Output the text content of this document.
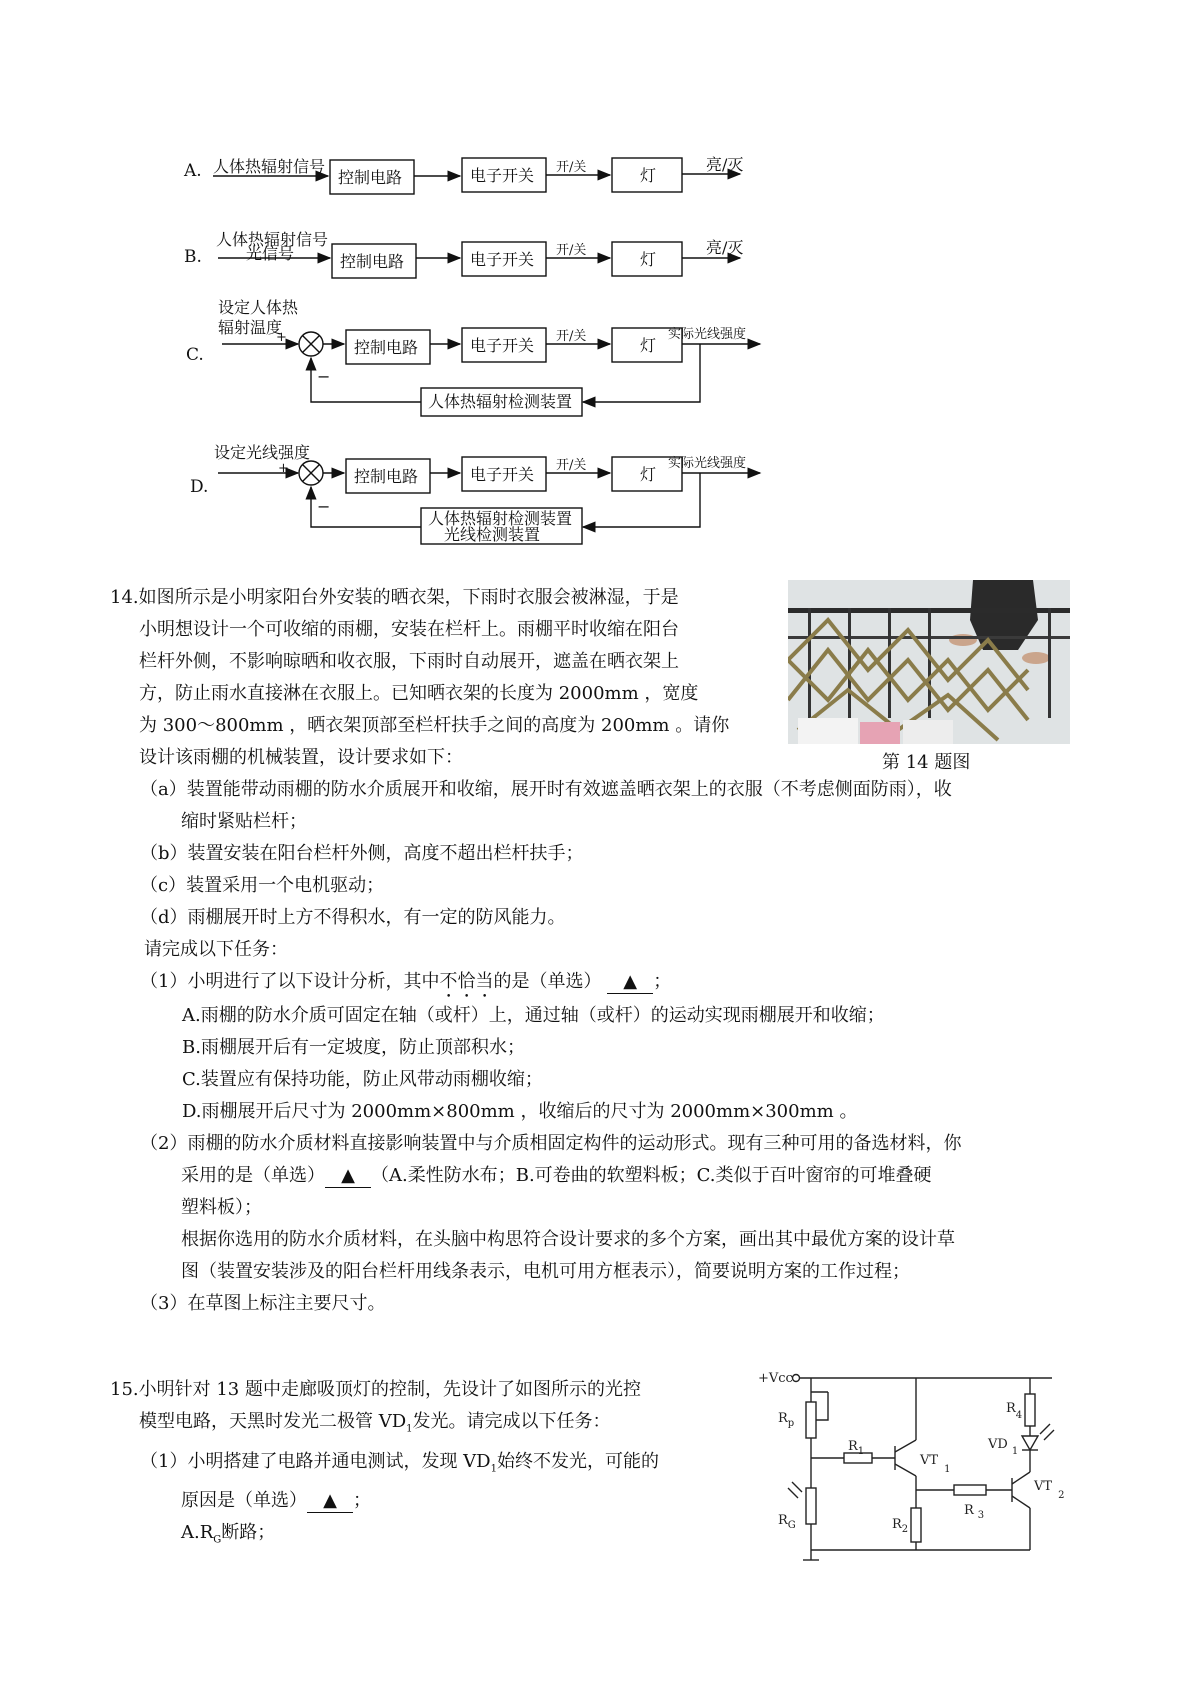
A. 人体热辐射信号
控制电路	电子开关 开/关	灯
亮/灭
B.
人体热辐射信号
光信号	控制电路	电子开关 开/关	灯
亮/灭
C.
设定人体热
辐射温度
+
−
控制电路	电子开关 开/关	灯
实际光线强度
人体热辐射检测装置
D.
设定光线强度
+
−
控制电路	电子开关 开/关	灯
实际光线强度
人体热辐射检测装置
光线检测装置
14.如图所示是小明家阳台外安装的晒衣架，下雨时衣服会被淋湿，于是
小明想设计一个可收缩的雨棚，安装在栏杆上。雨棚平时收缩在阳台
栏杆外侧，不影响晾晒和收衣服，下雨时自动展开，遮盖在晒衣架上
方，防止雨水直接淋在衣服上。已知晒衣架的长度为 2000mm ，宽度
为 300～800mm ，晒衣架顶部至栏杆扶手之间的高度为 200mm 。请你
设计该雨棚的机械装置，设计要求如下：	第 14 题图
（a）装置能带动雨棚的防水介质展开和收缩，展开时有效遮盖晒衣架上的衣服（不考虑侧面防雨），收
缩时紧贴栏杆；
（b）装置安装在阳台栏杆外侧，高度不超出栏杆扶手；
（c）装置采用一个电机驱动；
（d）雨棚展开时上方不得积水，有一定的防风能力。
请完成以下任务：
（1）小明进行了以下设计分析，其中不恰当的是（单选） ▲ ；
A.雨棚的防水介质可固定在轴（或杆）上，通过轴（或杆）的运动实现雨棚展开和收缩；
B.雨棚展开后有一定坡度，防止顶部积水；
C.装置应有保持功能，防止风带动雨棚收缩；
D.雨棚展开后尺寸为 2000mm×800mm ，收缩后的尺寸为 2000mm×300mm 。
（2）雨棚的防水介质材料直接影响装置中与介质相固定构件的运动形式。现有三种可用的备选材料，你
采用的是（单选） ▲ （A.柔性防水布；B.可卷曲的软塑料板；C.类似于百叶窗帘的可堆叠硬
塑料板）；
根据你选用的防水介质材料，在头脑中构思符合设计要求的多个方案，画出其中最优方案的设计草
图（装置安装涉及的阳台栏杆用线条表示，电机可用方框表示），简要说明方案的工作过程；
（3）在草图上标注主要尺寸。
15.小明针对 13 题中走廊吸顶灯的控制，先设计了如图所示的光控
模型电路，天黑时发光二极管 $VD_1$发光。请完成以下任务：
（1）小明搭建了电路并通电测试，发现 $VD_1$始终不发光，可能的
原因是（单选） ▲ ；
$A.R_G$断路；
+Vcc
$R_p$
$R_1$
$VT_1$
$R_G$	$R_2$
R $_3$
$R_4$
VD $_1$
$VT_2$
